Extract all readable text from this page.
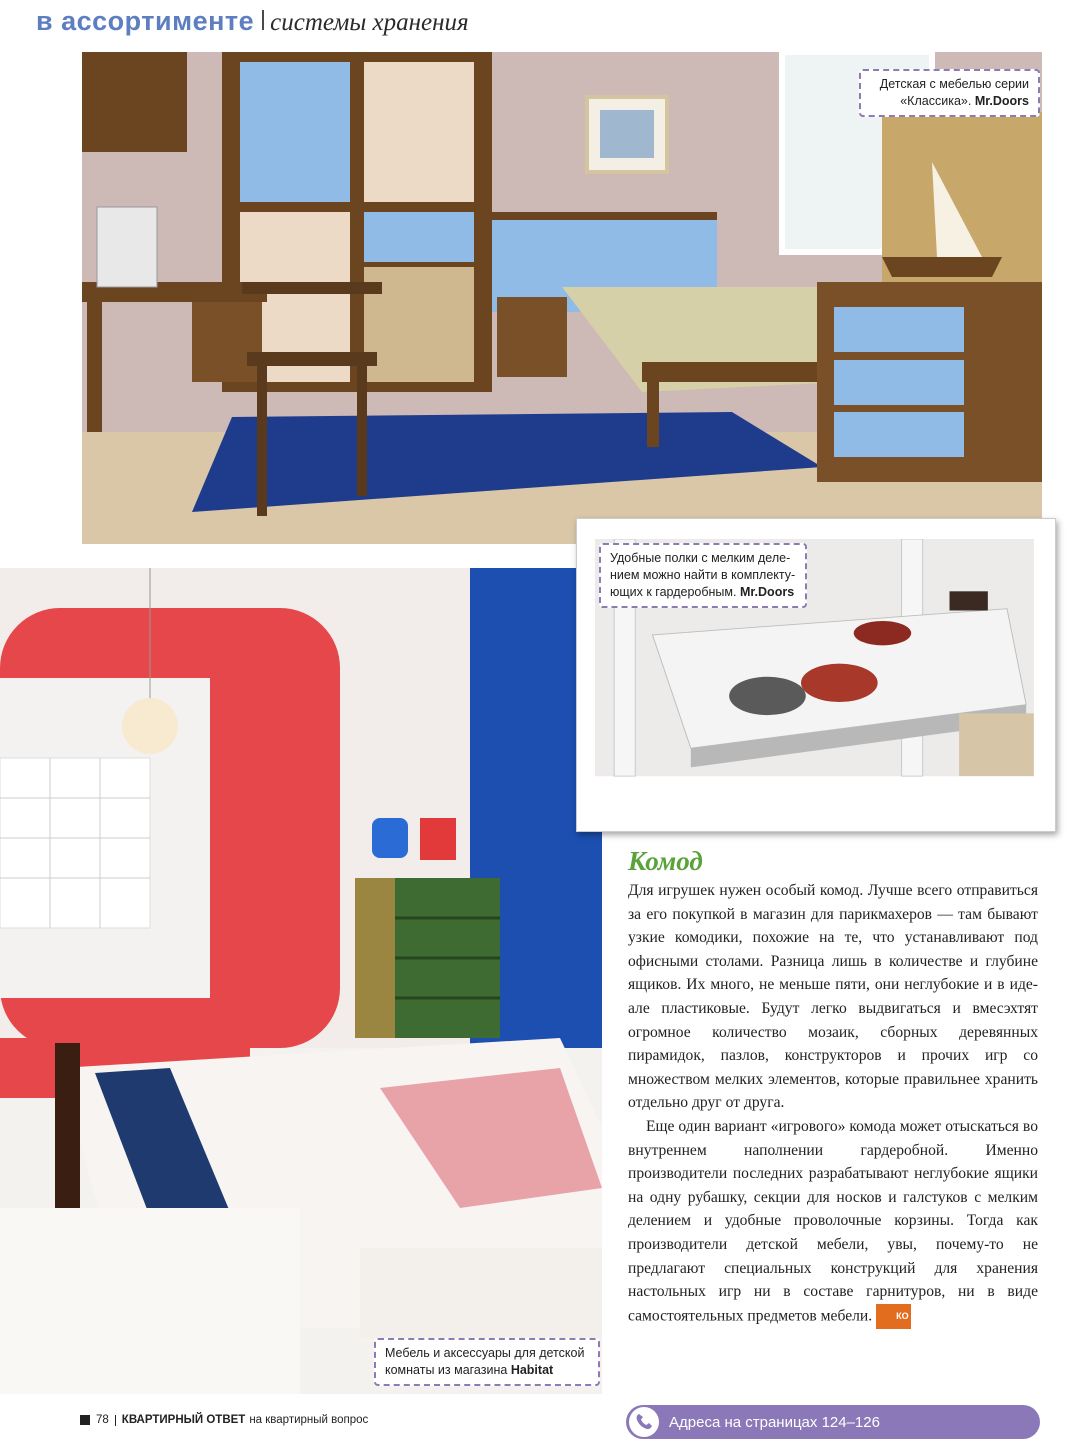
в ассортименте системы хранения
Детская с мебелью серии
«Классика». Mr.Doors
Мебель и аксессуары для детской
комнаты из магазина Habitat
Удобные полки с мелким деле-
нием можно найти в комплекту-
ющих к гардеробным. Mr.Doors
Комод

Для игрушек нужен особый комод. Лучше всего отправиться за его покупкой в магазин для парикмахеров — там бывают узкие комодики, похожие на те, что устанавливают под офисными столами. Разница лишь в количестве и глубине ящиков. Их много, не меньше пяти, они неглубокие и в иде-але пластиковые. Будут легко выдвигаться и вмесэхтят огромное количество мозаик, сборных деревянных пирамидок, пазлов, конструкторов и прочих игр со множеством мелких элементов, которые правильнее хранить отдельно друг от друга.

Еще один вариант «игрового» комода может отыскаться во внутреннем наполнении гардеробной. Именно производители последних разрабатывают неглубокие ящики на одну рубашку, секции для носков и галстуков с мелким делением и удобные проволочные корзины. Тогда как производители детской мебели, увы, почему-то не предлагают специальных конструкций для хранения настольных игр ни в составе гарнитуров, ни в виде самостоятельных предметов мебели.	КО

78 КВАРТИРНЫЙ ОТВЕТ на квартирный вопрос	Адреса на страницах 124–126
